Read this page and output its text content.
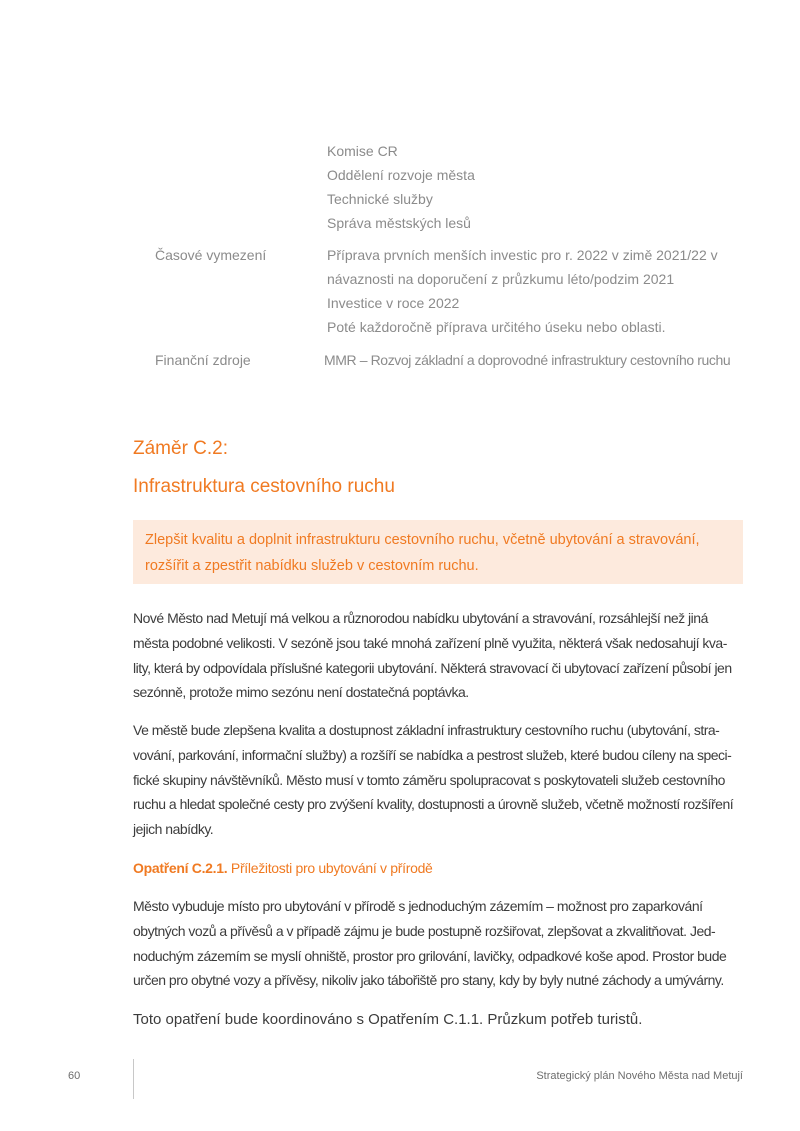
Komise CR
Oddělení rozvoje města
Technické služby
Správa městských lesů
Časové vymezení	Příprava prvních menších investic pro r. 2022 v zimě 2021/22 v
návaznosti na doporučení z průzkumu léto/podzim 2021
Investice v roce 2022
Poté každoročně příprava určitého úseku nebo oblasti.
Finanční zdroje	MMR – Rozvoj základní a doprovodné infrastruktury cestovního ruchu
Záměr C.2:
Infrastruktura cestovního ruchu
Zlepšit kvalitu a doplnit infrastrukturu cestovního ruchu, včetně ubytování a stravování,
rozšířit a zpestřit nabídku služeb v cestovním ruchu.
Nové Město nad Metují má velkou a různorodou nabídku ubytování a stravování, rozsáhlejší než jiná
města podobné velikosti. V sezóně jsou také mnohá zařízení plně využita, některá však nedosahují kva-
lity, která by odpovídala příslušné kategorii ubytování. Některá stravovací či ubytovací zařízení působí jen
sezónně, protože mimo sezónu není dostatečná poptávka.
Ve městě bude zlepšena kvalita a dostupnost základní infrastruktury cestovního ruchu (ubytování, stra-
vování, parkování, informační služby) a rozšíří se nabídka a pestrost služeb, které budou cíleny na speci-
fické skupiny návštěvníků. Město musí v tomto záměru spolupracovat s poskytovateli služeb cestovního
ruchu a hledat společné cesty pro zvýšení kvality, dostupnosti a úrovně služeb, včetně možností rozšíření
jejich nabídky.
Opatření C.2.1. Příležitosti pro ubytování v přírodě
Město vybuduje místo pro ubytování v přírodě s jednoduchým zázemím – možnost pro zaparkování
obytných vozů a přívěsů a v případě zájmu je bude postupně rozšiřovat, zlepšovat a zkvalitňovat. Jed-
noduchým zázemím se myslí ohniště, prostor pro grilování, lavičky, odpadkové koše apod. Prostor bude
určen pro obytné vozy a přívěsy, nikoliv jako tábořiště pro stany, kdy by byly nutné záchody a umývárny.
Toto opatření bude koordinováno s Opatřením C.1.1. Průzkum potřeb turistů.
60	Strategický plán Nového Města nad Metují
